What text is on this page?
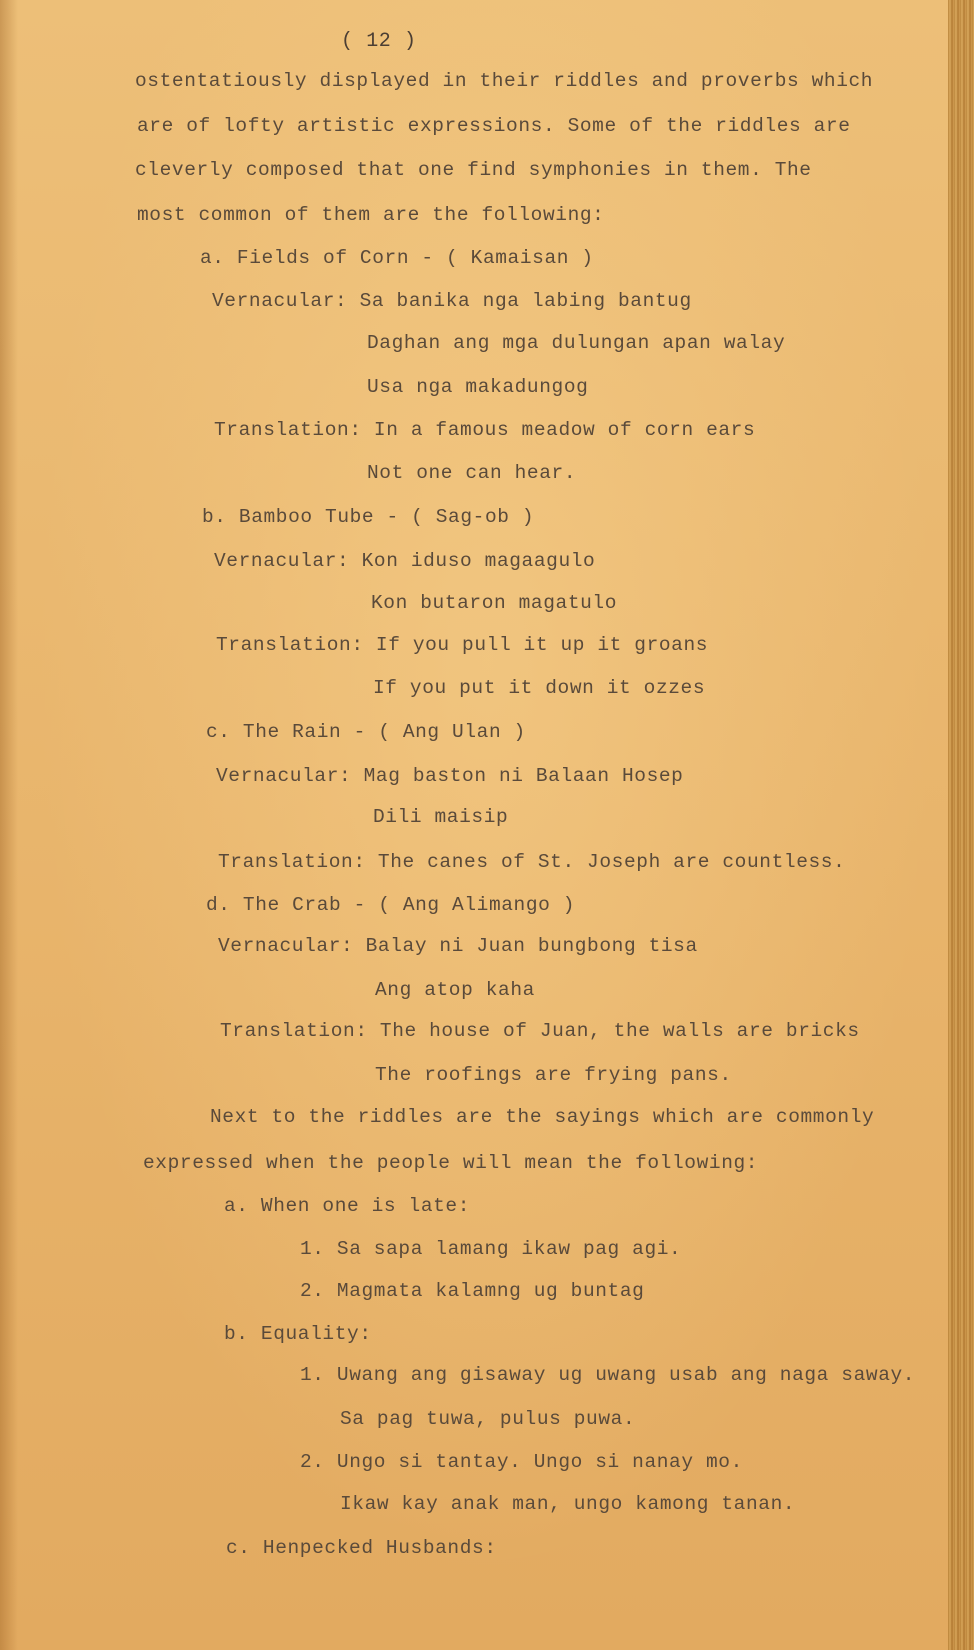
( 12 )

ostentatiously displayed in their riddles and proverbs which

are of lofty artistic expressions. Some of the riddles are

cleverly composed that one find symphonies in them. The

most common of them are the following:

a. Fields of Corn - ( Kamaisan )

Vernacular: Sa banika nga labing bantug

Daghan ang mga dulungan apan walay

Usa nga makadungog

Translation: In a famous meadow of corn ears

Not one can hear.

b. Bamboo Tube - ( Sag-ob )

Vernacular: Kon iduso magaagulo

Kon butaron magatulo

Translation: If you pull it up it groans

If you put it down it ozzes

c. The Rain - ( Ang Ulan )

Vernacular: Mag baston ni Balaan Hosep

Dili maisip

Translation: The canes of St. Joseph are countless.

d. The Crab - ( Ang Alimango )

Vernacular: Balay ni Juan bungbong tisa

Ang atop kaha

Translation: The house of Juan, the walls are bricks

The roofings are frying pans.

Next to the riddles are the sayings which are commonly

expressed when the people will mean the following:

a. When one is late:

1. Sa sapa lamang ikaw pag agi.

2. Magmata kalamng ug buntag

b. Equality:

1. Uwang ang gisaway ug uwang usab ang naga saway.

Sa pag tuwa, pulus puwa.

2. Ungo si tantay. Ungo si nanay mo.

Ikaw kay anak man, ungo kamong tanan.

c. Henpecked Husbands:
